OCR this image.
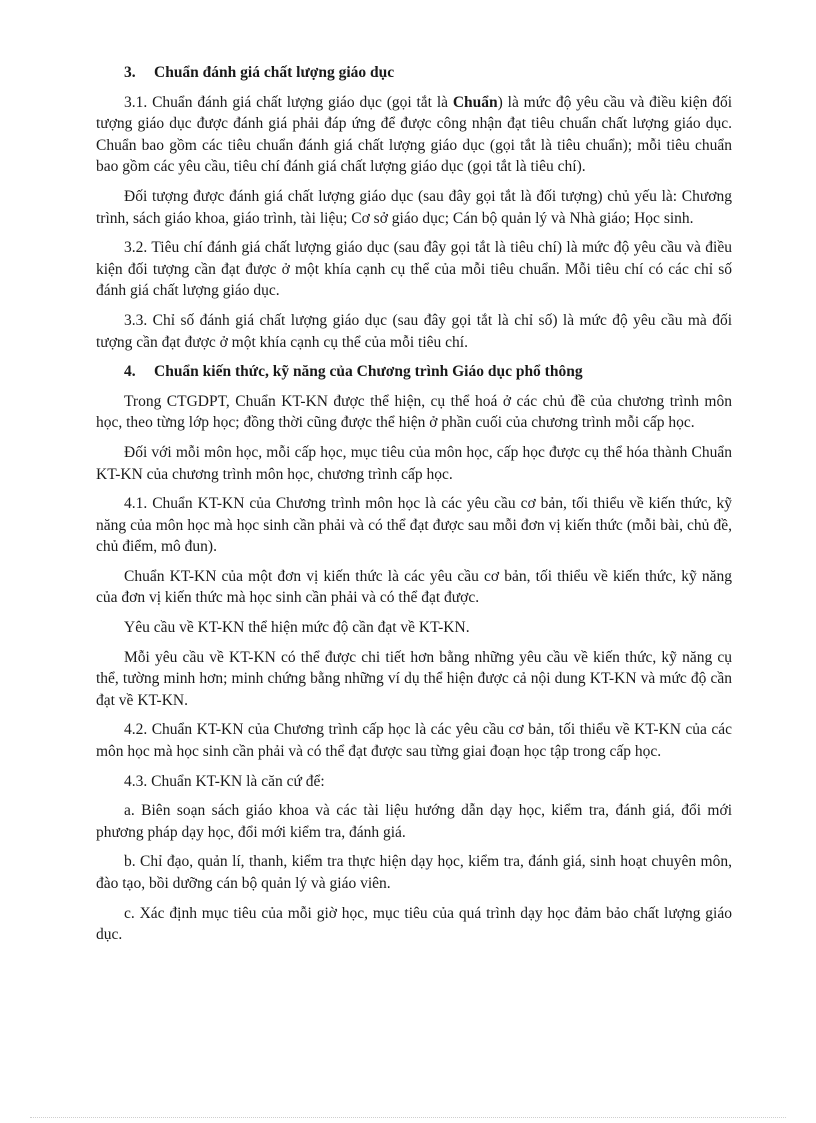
3. Chuẩn đánh giá chất lượng giáo dục

3.1. Chuẩn đánh giá chất lượng giáo dục (gọi tắt là Chuẩn) là mức độ yêu cầu và điều kiện đối tượng giáo dục được đánh giá phải đáp ứng để được công nhận đạt tiêu chuẩn chất lượng giáo dục. Chuẩn bao gồm các tiêu chuẩn đánh giá chất lượng giáo dục (gọi tắt là tiêu chuẩn); mỗi tiêu chuẩn bao gồm các yêu cầu, tiêu chí đánh giá chất lượng giáo dục (gọi tắt là tiêu chí).

Đối tượng được đánh giá chất lượng giáo dục (sau đây gọi tắt là đối tượng) chủ yếu là: Chương trình, sách giáo khoa, giáo trình, tài liệu; Cơ sở giáo dục; Cán bộ quản lý và Nhà giáo; Học sinh.

3.2. Tiêu chí đánh giá chất lượng giáo dục (sau đây gọi tắt là tiêu chí) là mức độ yêu cầu và điều kiện đối tượng cần đạt được ở một khía cạnh cụ thể của mỗi tiêu chuẩn. Mỗi tiêu chí có các chỉ số đánh giá chất lượng giáo dục.

3.3. Chỉ số đánh giá chất lượng giáo dục (sau đây gọi tắt là chỉ số) là mức độ yêu cầu mà đối tượng cần đạt được ở một khía cạnh cụ thể của mỗi tiêu chí.

4. Chuẩn kiến thức, kỹ năng của Chương trình Giáo dục phổ thông

Trong CTGDPT, Chuẩn KT-KN được thể hiện, cụ thể hoá ở các chủ đề của chương trình môn học, theo từng lớp học; đồng thời cũng được thể hiện ở phần cuối của chương trình mỗi cấp học.

Đối với mỗi môn học, mỗi cấp học, mục tiêu của môn học, cấp học được cụ thể hóa thành Chuẩn KT-KN của chương trình môn học, chương trình cấp học.

4.1. Chuẩn KT-KN của Chương trình môn học là các yêu cầu cơ bản, tối thiểu về kiến thức, kỹ năng của môn học mà học sinh cần phải và có thể đạt được sau mỗi đơn vị kiến thức (mỗi bài, chủ đề, chủ điểm, mô đun).

Chuẩn KT-KN của một đơn vị kiến thức là các yêu cầu cơ bản, tối thiểu về kiến thức, kỹ năng của đơn vị kiến thức mà học sinh cần phải và có thể đạt được.

Yêu cầu về KT-KN thể hiện mức độ cần đạt về KT-KN.

Mỗi yêu cầu về KT-KN có thể được chi tiết hơn bằng những yêu cầu về kiến thức, kỹ năng cụ thể, tường minh hơn; minh chứng bằng những ví dụ thể hiện được cả nội dung KT-KN và mức độ cần đạt về KT-KN.

4.2. Chuẩn KT-KN của Chương trình cấp học là các yêu cầu cơ bản, tối thiểu về KT-KN của các môn học mà học sinh cần phải và có thể đạt được sau từng giai đoạn học tập trong cấp học.

4.3. Chuẩn KT-KN là căn cứ để:

a. Biên soạn sách giáo khoa và các tài liệu hướng dẫn dạy học, kiểm tra, đánh giá, đổi mới phương pháp dạy học, đổi mới kiểm tra, đánh giá.

b. Chỉ đạo, quản lí, thanh, kiểm tra thực hiện dạy học, kiểm tra, đánh giá, sinh hoạt chuyên môn, đào tạo, bồi dưỡng cán bộ quản lý và giáo viên.

c. Xác định mục tiêu của mỗi giờ học, mục tiêu của quá trình dạy học đảm bảo chất lượng giáo dục.
